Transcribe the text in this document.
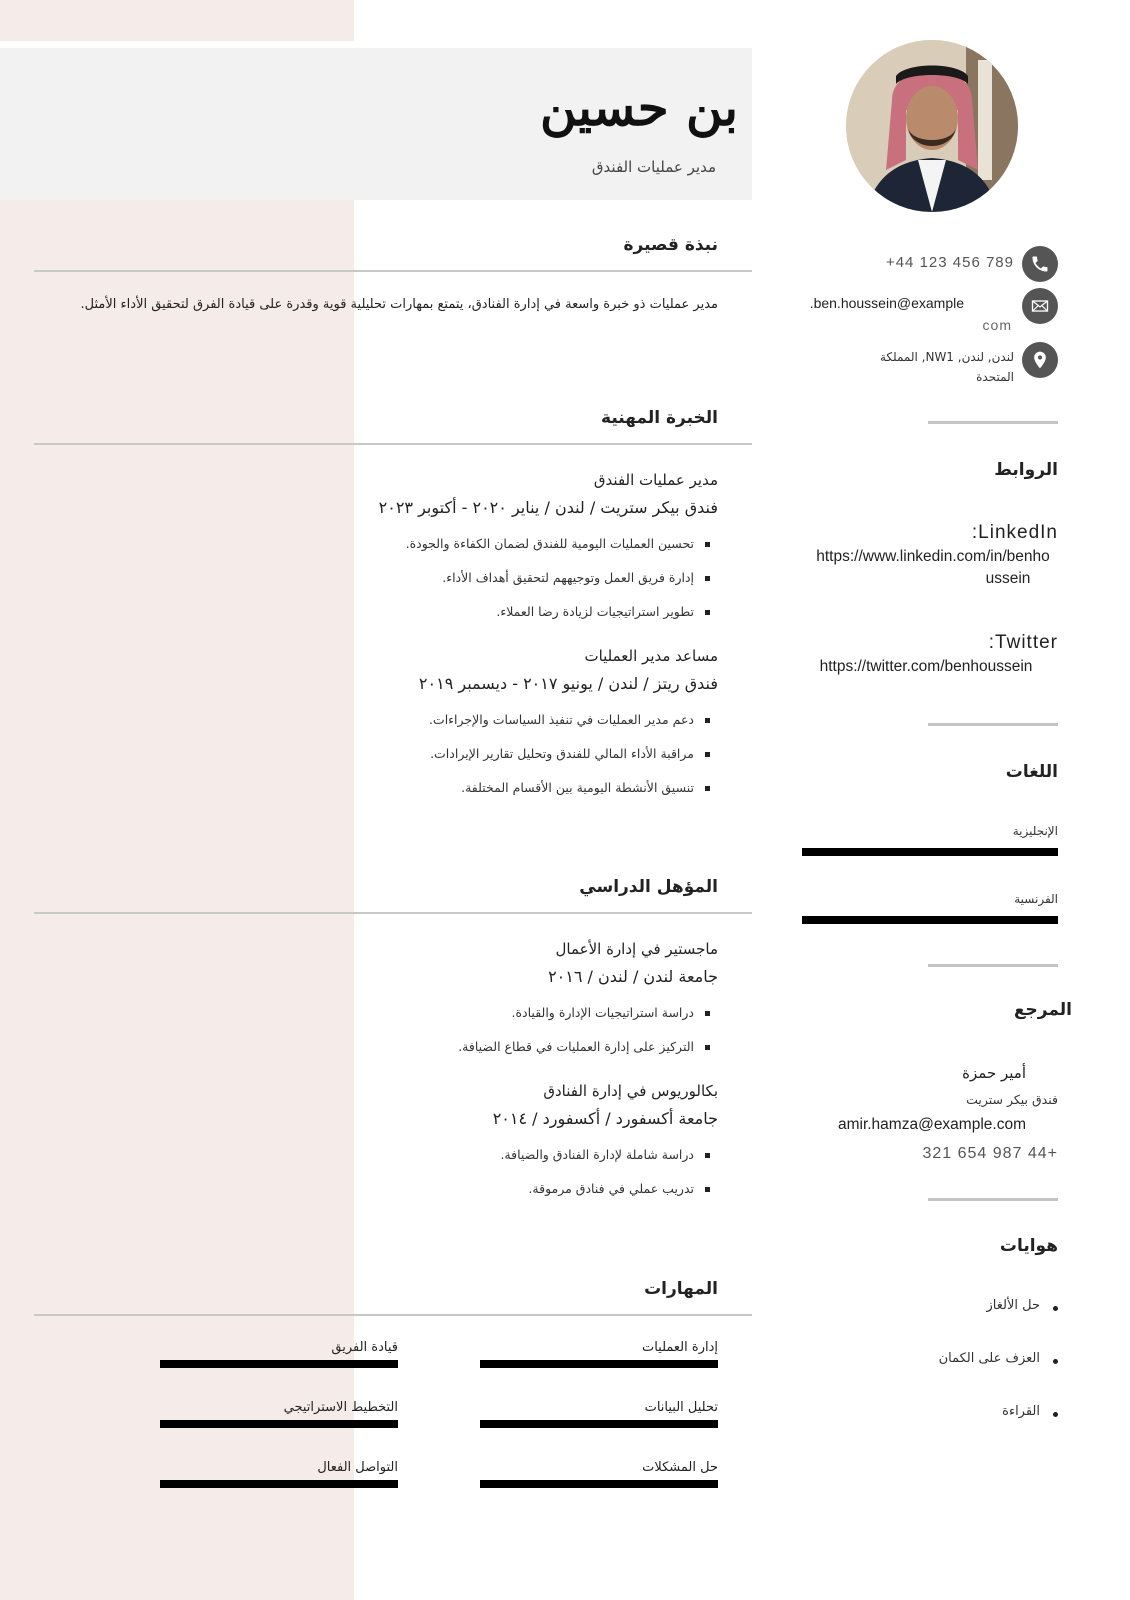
بن حسين
مدير عمليات الفندق
نبذة قصيرة

مدير عمليات ذو خبرة واسعة في إدارة الفنادق، يتمتع بمهارات تحليلية قوية وقدرة على قيادة الفرق لتحقيق الأداء الأمثل.

الخبرة المهنية
مدير عمليات الفندق
فندق بيكر ستريت / لندن / يناير ٢٠٢٠ - أكتوبر ٢٠٢٣
تحسين العمليات اليومية للفندق لضمان الكفاءة والجودة.
إدارة فريق العمل وتوجيههم لتحقيق أهداف الأداء.
تطوير استراتيجيات لزيادة رضا العملاء.
مساعد مدير العمليات
فندق ريتز / لندن / يونيو ٢٠١٧ - ديسمبر ٢٠١٩
دعم مدير العمليات في تنفيذ السياسات والإجراءات.
مراقبة الأداء المالي للفندق وتحليل تقارير الإيرادات.
تنسيق الأنشطة اليومية بين الأقسام المختلفة.
المؤهل الدراسي
ماجستير في إدارة الأعمال
جامعة لندن / لندن / ٢٠١٦
دراسة استراتيجيات الإدارة والقيادة.
التركيز على إدارة العمليات في قطاع الضيافة.
بكالوريوس في إدارة الفنادق
جامعة أكسفورد / أكسفورد / ٢٠١٤
دراسة شاملة لإدارة الفنادق والضيافة.
تدريب عملي في فنادق مرموقة.
المهارات
إدارة العمليات
قيادة الفريق
تحليل البيانات
التخطيط الاستراتيجي
حل المشكلات
التواصل الفعال
789 456 123 44+
ben.houssein@example.
com
لندن, لندن, NW1, المملكة
المتحدة
الروابط
:LinkedIn
https://www.linkedin.com/in/benho
ussein
:Twitter
https://twitter.com/benhoussein
اللغات
الإنجليزية
الفرنسية
المرجع
أمير حمزة
فندق بيكر ستريت
amir.hamza@example.com
321 654 987 44+
هوايات
حل الألغاز
العزف على الكمان
القراءة
